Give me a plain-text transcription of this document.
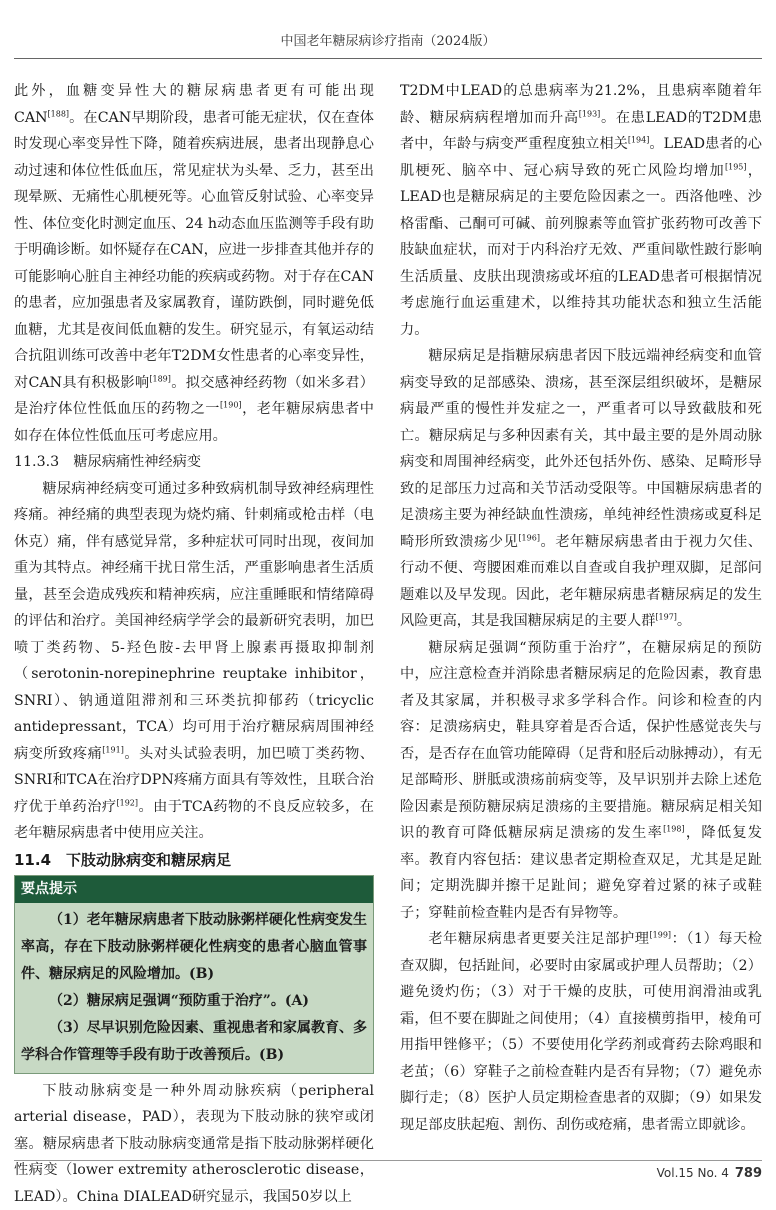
中国老年糖尿病诊疗指南（2024版）

此外，血糖变异性大的糖尿病患者更有可能出现CAN[188]。在CAN早期阶段，患者可能无症状，仅在查体时发现心率变异性下降，随着疾病进展，患者出现静息心动过速和体位性低血压，常见症状为头晕、乏力，甚至出现晕厥、无痛性心肌梗死等。心血管反射试验、心率变异性、体位变化时测定血压、24 h动态血压监测等手段有助于明确诊断。如怀疑存在CAN，应进一步排查其他并存的可能影响心脏自主神经功能的疾病或药物。对于存在CAN的患者，应加强患者及家属教育，谨防跌倒，同时避免低血糖，尤其是夜间低血糖的发生。研究显示，有氧运动结合抗阻训练可改善中老年T2DM女性患者的心率变异性，对CAN具有积极影响[189]。拟交感神经药物（如米多君）是治疗体位性低血压的药物之一[190]，老年糖尿病患者中如存在体位性低血压可考虑应用。

11.3.3　糖尿病痛性神经病变

糖尿病神经病变可通过多种致病机制导致神经病理性疼痛。神经痛的典型表现为烧灼痛、针刺痛或枪击样（电休克）痛，伴有感觉异常，多种症状可同时出现，夜间加重为其特点。神经痛干扰日常生活，严重影响患者生活质量，甚至会造成残疾和精神疾病，应注重睡眠和情绪障碍的评估和治疗。美国神经病学学会的最新研究表明，加巴喷丁类药物、5-羟色胺-去甲肾上腺素再摄取抑制剂（serotonin-norepinephrine reuptake inhibitor，SNRI）、钠通道阻滞剂和三环类抗抑郁药（tricyclic antidepressant，TCA）均可用于治疗糖尿病周围神经病变所致疼痛[191]。头对头试验表明，加巴喷丁类药物、SNRI和TCA在治疗DPN疼痛方面具有等效性，且联合治疗优于单药治疗[192]。由于TCA药物的不良反应较多，在老年糖尿病患者中使用应关注。

11.4　下肢动脉病变和糖尿病足

要点提示

（1）老年糖尿病患者下肢动脉粥样硬化性病变发生率高，存在下肢动脉粥样硬化性病变的患者心脑血管事件、糖尿病足的风险增加。(B)

（2）糖尿病足强调“预防重于治疗”。(A)

（3）尽早识别危险因素、重视患者和家属教育、多学科合作管理等手段有助于改善预后。(B)

下肢动脉病变是一种外周动脉疾病（peripheral arterial disease，PAD），表现为下肢动脉的狭窄或闭塞。糖尿病患者下肢动脉病变通常是指下肢动脉粥样硬化性病变（lower extremity atherosclerotic disease，LEAD）。China DIALEAD研究显示，我国50岁以上

T2DM中LEAD的总患病率为21.2%，且患病率随着年龄、糖尿病病程增加而升高[193]。在患LEAD的T2DM患者中，年龄与病变严重程度独立相关[194]。LEAD患者的心肌梗死、脑卒中、冠心病导致的死亡风险均增加[195]，LEAD也是糖尿病足的主要危险因素之一。西洛他唑、沙格雷酯、己酮可可碱、前列腺素等血管扩张药物可改善下肢缺血症状，而对于内科治疗无效、严重间歇性跛行影响生活质量、皮肤出现溃疡或坏疽的LEAD患者可根据情况考虑施行血运重建术，以维持其功能状态和独立生活能力。

糖尿病足是指糖尿病患者因下肢远端神经病变和血管病变导致的足部感染、溃疡，甚至深层组织破坏，是糖尿病最严重的慢性并发症之一，严重者可以导致截肢和死亡。糖尿病足与多种因素有关，其中最主要的是外周动脉病变和周围神经病变，此外还包括外伤、感染、足畸形导致的足部压力过高和关节活动受限等。中国糖尿病患者的足溃疡主要为神经缺血性溃疡，单纯神经性溃疡或夏科足畸形所致溃疡少见[196]。老年糖尿病患者由于视力欠佳、行动不便、弯腰困难而难以自查或自我护理双脚，足部问题难以及早发现。因此，老年糖尿病患者糖尿病足的发生风险更高，其是我国糖尿病足的主要人群[197]。

糖尿病足强调“预防重于治疗”，在糖尿病足的预防中，应注意检查并消除患者糖尿病足的危险因素，教育患者及其家属，并积极寻求多学科合作。问诊和检查的内容：足溃疡病史，鞋具穿着是否合适，保护性感觉丧失与否，是否存在血管功能障碍（足背和胫后动脉搏动），有无足部畸形、胼胝或溃疡前病变等，及早识别并去除上述危险因素是预防糖尿病足溃疡的主要措施。糖尿病足相关知识的教育可降低糖尿病足溃疡的发生率[198]，降低复发率。教育内容包括：建议患者定期检查双足，尤其是足趾间；定期洗脚并擦干足趾间；避免穿着过紧的袜子或鞋子；穿鞋前检查鞋内是否有异物等。

老年糖尿病患者更要关注足部护理[199]：（1）每天检查双脚，包括趾间，必要时由家属或护理人员帮助；（2）避免烫灼伤；（3）对于干燥的皮肤，可使用润滑油或乳霜，但不要在脚趾之间使用；（4）直接横剪指甲，棱角可用指甲锉修平；（5）不要使用化学药剂或膏药去除鸡眼和老茧；（6）穿鞋子之前检查鞋内是否有异物；（7）避免赤脚行走；（8）医护人员定期检查患者的双脚；（9）如果发现足部皮肤起疱、割伤、刮伤或疮痛，患者需立即就诊。

Vol.15 No. 4 789
